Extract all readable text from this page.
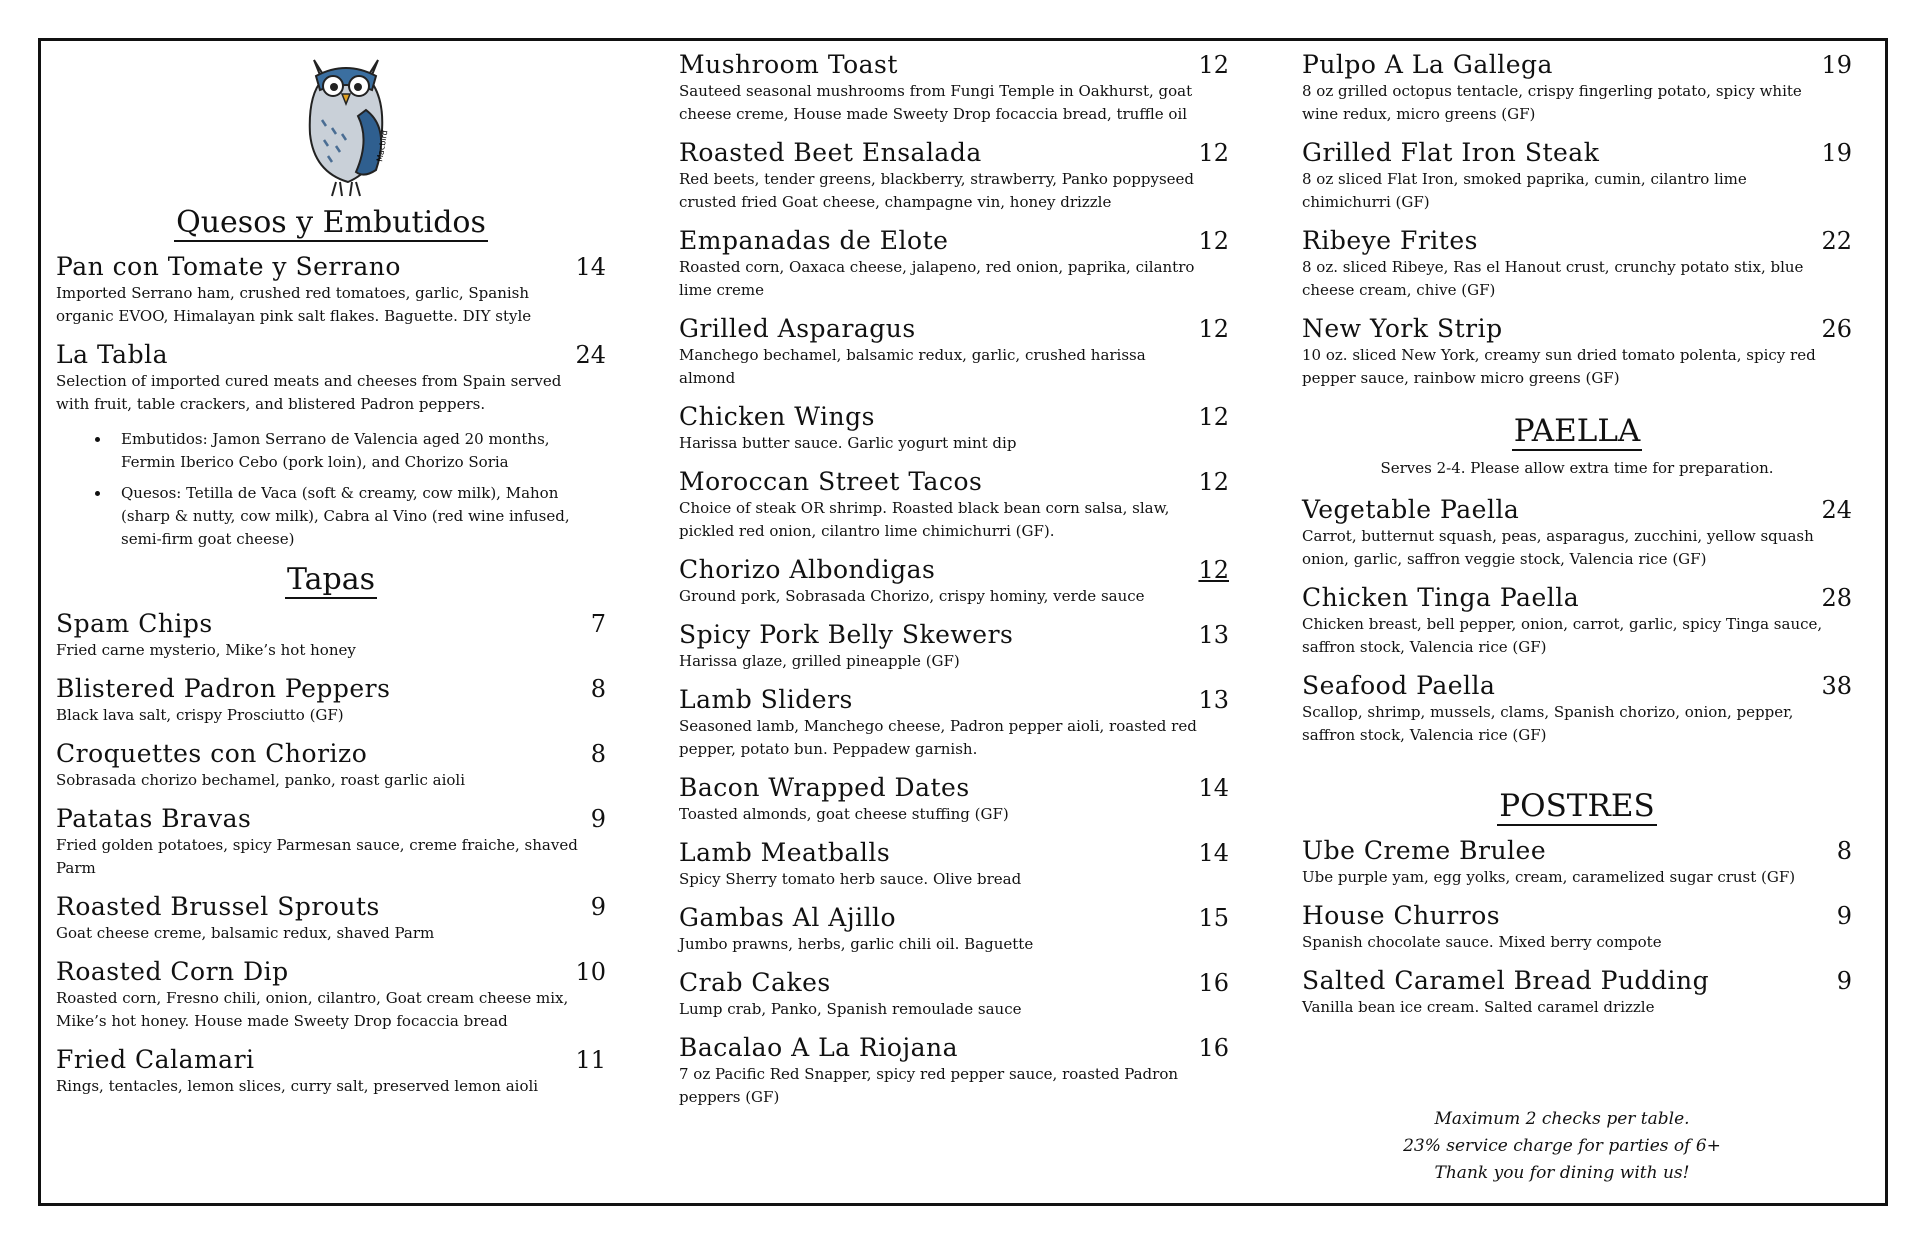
Macbird
Quesos y Embutidos
Pan con Tomate y Serrano	14
Imported Serrano ham, crushed red tomatoes, garlic, Spanish organic EVOO, Himalayan pink salt flakes. Baguette. DIY style
La Tabla	24
Selection of imported cured meats and cheeses from Spain served with fruit, table crackers, and blistered Padron peppers.
• Embutidos: Jamon Serrano de Valencia aged 20 months, Fermin Iberico Cebo (pork loin), and Chorizo Soria
• Quesos: Tetilla de Vaca (soft & creamy, cow milk), Mahon (sharp & nutty, cow milk), Cabra al Vino (red wine infused, semi-firm goat cheese)
Tapas
Spam Chips	7
Fried carne mysterio, Mike’s hot honey
Blistered Padron Peppers	8
Black lava salt, crispy Prosciutto (GF)
Croquettes con Chorizo	8
Sobrasada chorizo bechamel, panko, roast garlic aioli
Patatas Bravas	9
Fried golden potatoes, spicy Parmesan sauce, creme fraiche, shaved Parm
Roasted Brussel Sprouts	9
Goat cheese creme, balsamic redux, shaved Parm
Roasted Corn Dip	10
Roasted corn, Fresno chili, onion, cilantro, Goat cream cheese mix, Mike’s hot honey. House made Sweety Drop focaccia bread
Fried Calamari	11
Rings, tentacles, lemon slices, curry salt, preserved lemon aioli
Mushroom Toast	12
Sauteed seasonal mushrooms from Fungi Temple in Oakhurst, goat cheese creme, House made Sweety Drop focaccia bread, truffle oil
Roasted Beet Ensalada	12
Red beets, tender greens, blackberry, strawberry, Panko poppyseed crusted fried Goat cheese, champagne vin, honey drizzle
Empanadas de Elote	12
Roasted corn, Oaxaca cheese, jalapeno, red onion, paprika, cilantro lime creme
Grilled Asparagus	12
Manchego bechamel, balsamic redux, garlic, crushed harissa almond
Chicken Wings	12
Harissa butter sauce. Garlic yogurt mint dip
Moroccan Street Tacos	12
Choice of steak OR shrimp. Roasted black bean corn salsa, slaw, pickled red onion, cilantro lime chimichurri (GF).
Chorizo Albondigas	12
Ground pork, Sobrasada Chorizo, crispy hominy, verde sauce
Spicy Pork Belly Skewers	13
Harissa glaze, grilled pineapple (GF)
Lamb Sliders	13
Seasoned lamb, Manchego cheese, Padron pepper aioli, roasted red pepper, potato bun. Peppadew garnish.
Bacon Wrapped Dates	14
Toasted almonds, goat cheese stuffing (GF)
Lamb Meatballs	14
Spicy Sherry tomato herb sauce. Olive bread
Gambas Al Ajillo	15
Jumbo prawns, herbs, garlic chili oil. Baguette
Crab Cakes	16
Lump crab, Panko, Spanish remoulade sauce
Bacalao A La Riojana	16
7 oz Pacific Red Snapper, spicy red pepper sauce, roasted Padron peppers (GF)
Pulpo A La Gallega	19
8 oz grilled octopus tentacle, crispy fingerling potato, spicy white wine redux, micro greens (GF)
Grilled Flat Iron Steak	19
8 oz sliced Flat Iron, smoked paprika, cumin, cilantro lime chimichurri (GF)
Ribeye Frites	22
8 oz. sliced Ribeye, Ras el Hanout crust, crunchy potato stix, blue cheese cream, chive (GF)
New York Strip	26
10 oz. sliced New York, creamy sun dried tomato polenta, spicy red pepper sauce, rainbow micro greens (GF)
PAELLA
Serves 2-4. Please allow extra time for preparation.
Vegetable Paella	24
Carrot, butternut squash, peas, asparagus, zucchini, yellow squash onion, garlic, saffron veggie stock, Valencia rice (GF)
Chicken Tinga Paella	28
Chicken breast, bell pepper, onion, carrot, garlic, spicy Tinga sauce, saffron stock, Valencia rice (GF)
Seafood Paella	38
Scallop, shrimp, mussels, clams, Spanish chorizo, onion, pepper, saffron stock, Valencia rice (GF)
POSTRES
Ube Creme Brulee	8
Ube purple yam, egg yolks, cream, caramelized sugar crust (GF)
House Churros	9
Spanish chocolate sauce. Mixed berry compote
Salted Caramel Bread Pudding	9
Vanilla bean ice cream. Salted caramel drizzle
Maximum 2 checks per table.
23% service charge for parties of 6+
Thank you for dining with us!
